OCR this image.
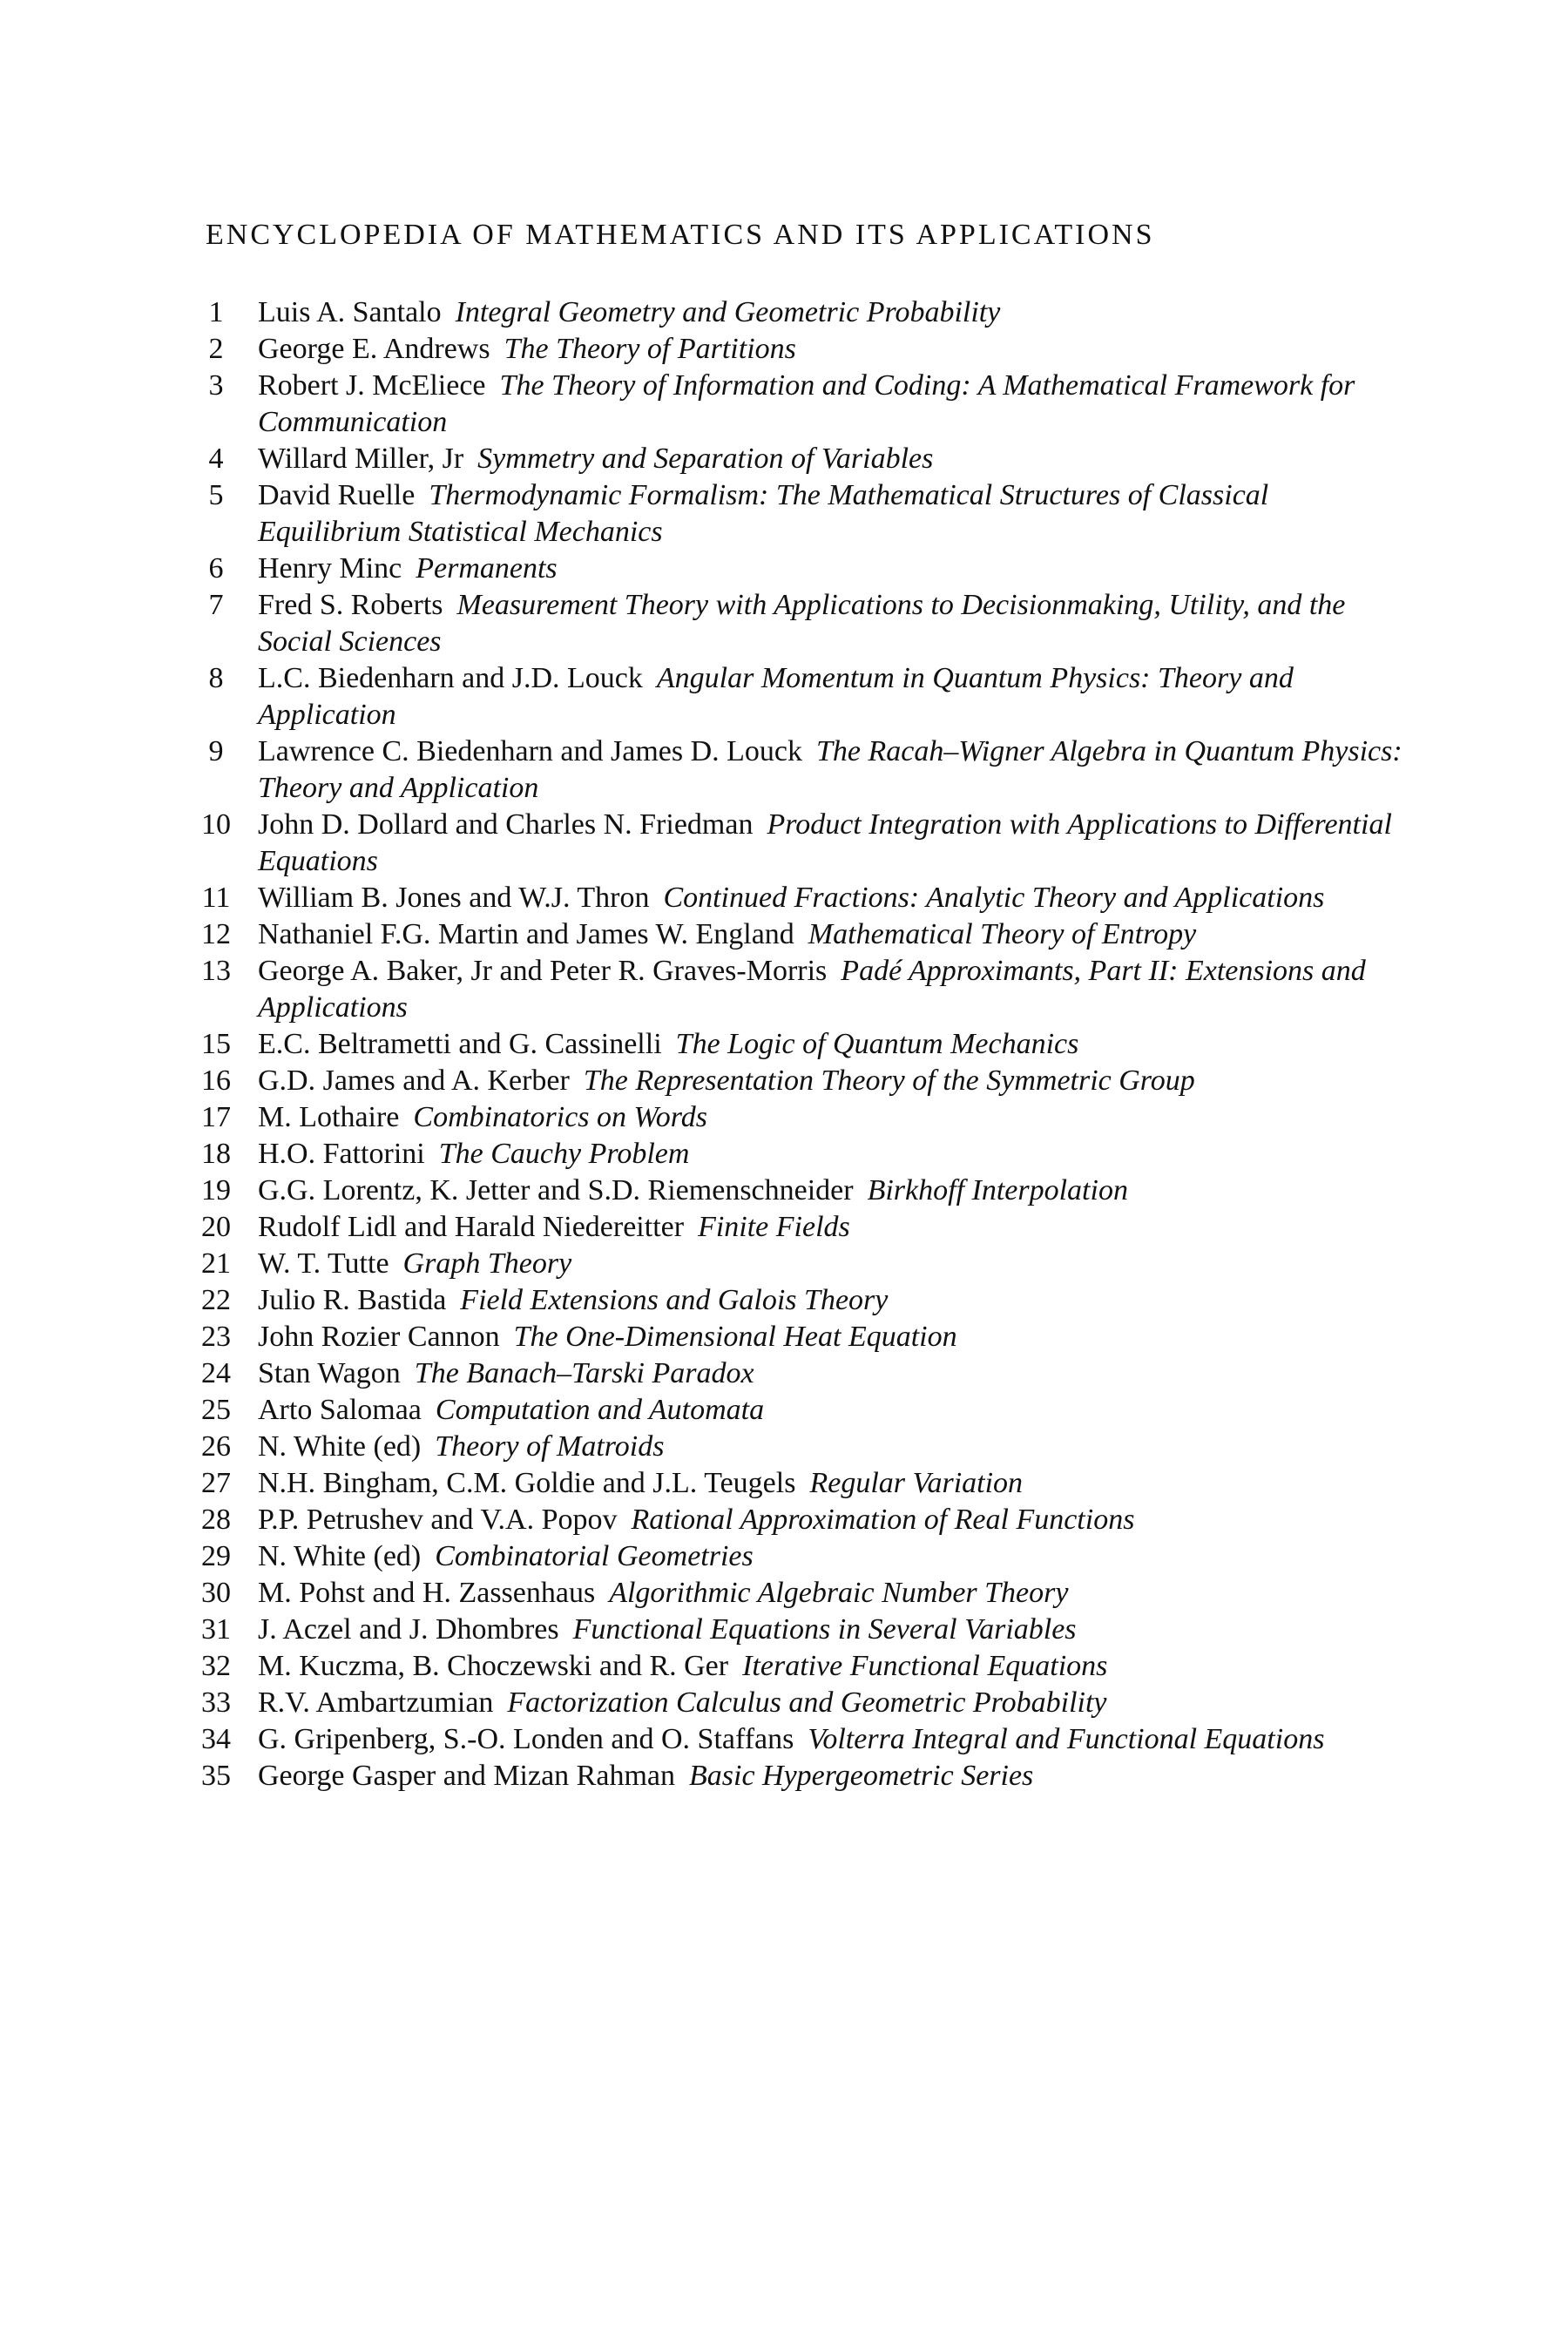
ENCYCLOPEDIA OF MATHEMATICS AND ITS APPLICATIONS
1	Luis A. Santalo Integral Geometry and Geometric Probability
2	George E. Andrews The Theory of Partitions
3	Robert J. McEliece The Theory of Information and Coding: A Mathematical Framework for Communication
4	Willard Miller, Jr Symmetry and Separation of Variables
5	David Ruelle Thermodynamic Formalism: The Mathematical Structures of Classical Equilibrium Statistical Mechanics
6	Henry Minc Permanents
7	Fred S. Roberts Measurement Theory with Applications to Decisionmaking, Utility, and the Social Sciences
8	L.C. Biedenharn and J.D. Louck Angular Momentum in Quantum Physics: Theory and Application
9	Lawrence C. Biedenharn and James D. Louck The Racah–Wigner Algebra in Quantum Physics: Theory and Application
10 John D. Dollard and Charles N. Friedman Product Integration with Applications to Differential Equations
11 William B. Jones and W.J. Thron Continued Fractions: Analytic Theory and Applications
12 Nathaniel F.G. Martin and James W. England Mathematical Theory of Entropy
13 George A. Baker, Jr and Peter R. Graves-Morris Padé Approximants, Part II: Extensions and Applications
15 E.C. Beltrametti and G. Cassinelli The Logic of Quantum Mechanics
16 G.D. James and A. Kerber The Representation Theory of the Symmetric Group
17 M. Lothaire Combinatorics on Words
18 H.O. Fattorini The Cauchy Problem
19 G.G. Lorentz, K. Jetter and S.D. Riemenschneider Birkhoff Interpolation
20 Rudolf Lidl and Harald Niedereitter Finite Fields
21 W. T. Tutte Graph Theory
22 Julio R. Bastida Field Extensions and Galois Theory
23 John Rozier Cannon The One-Dimensional Heat Equation
24 Stan Wagon The Banach–Tarski Paradox
25 Arto Salomaa Computation and Automata
26 N. White (ed) Theory of Matroids
27 N.H. Bingham, C.M. Goldie and J.L. Teugels Regular Variation
28 P.P. Petrushev and V.A. Popov Rational Approximation of Real Functions
29 N. White (ed) Combinatorial Geometries
30 M. Pohst and H. Zassenhaus Algorithmic Algebraic Number Theory
31 J. Aczel and J. Dhombres Functional Equations in Several Variables
32 M. Kuczma, B. Choczewski and R. Ger Iterative Functional Equations
33 R.V. Ambartzumian Factorization Calculus and Geometric Probability
34 G. Gripenberg, S.-O. Londen and O. Staffans Volterra Integral and Functional Equations
35 George Gasper and Mizan Rahman Basic Hypergeometric Series
